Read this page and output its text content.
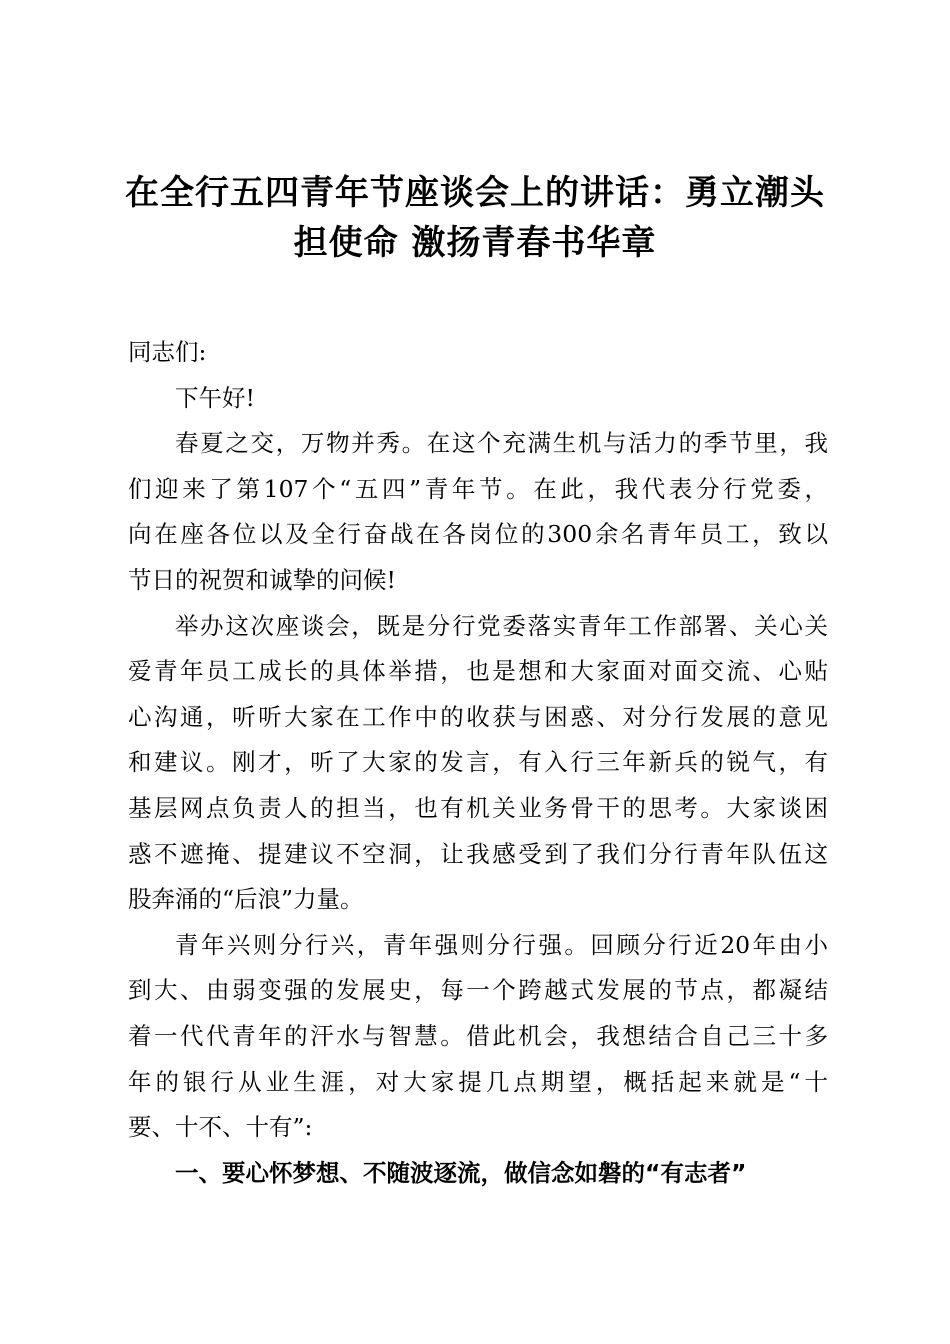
在全行五四青年节座谈会上的讲话：勇立潮头
担使命 激扬青春书华章

同志们:

下午好!

春夏之交，万物并秀。在这个充满生机与活力的季节里，我
们迎来了第107个“五四”青年节。在此，我代表分行党委，
向在座各位以及全行奋战在各岗位的300余名青年员工，致以
节日的祝贺和诚挚的问候!

举办这次座谈会，既是分行党委落实青年工作部署、关心关
爱青年员工成长的具体举措，也是想和大家面对面交流、心贴
心沟通，听听大家在工作中的收获与困惑、对分行发展的意见
和建议。刚才，听了大家的发言，有入行三年新兵的锐气，有
基层网点负责人的担当，也有机关业务骨干的思考。大家谈困
惑不遮掩、提建议不空洞，让我感受到了我们分行青年队伍这
股奔涌的“后浪”力量。

青年兴则分行兴，青年强则分行强。回顾分行近20年由小
到大、由弱变强的发展史，每一个跨越式发展的节点，都凝结
着一代代青年的汗水与智慧。借此机会，我想结合自己三十多
年的银行从业生涯，对大家提几点期望，概括起来就是“十
要、十不、十有”:

一、要心怀梦想、不随波逐流，做信念如磐的“有志者”
